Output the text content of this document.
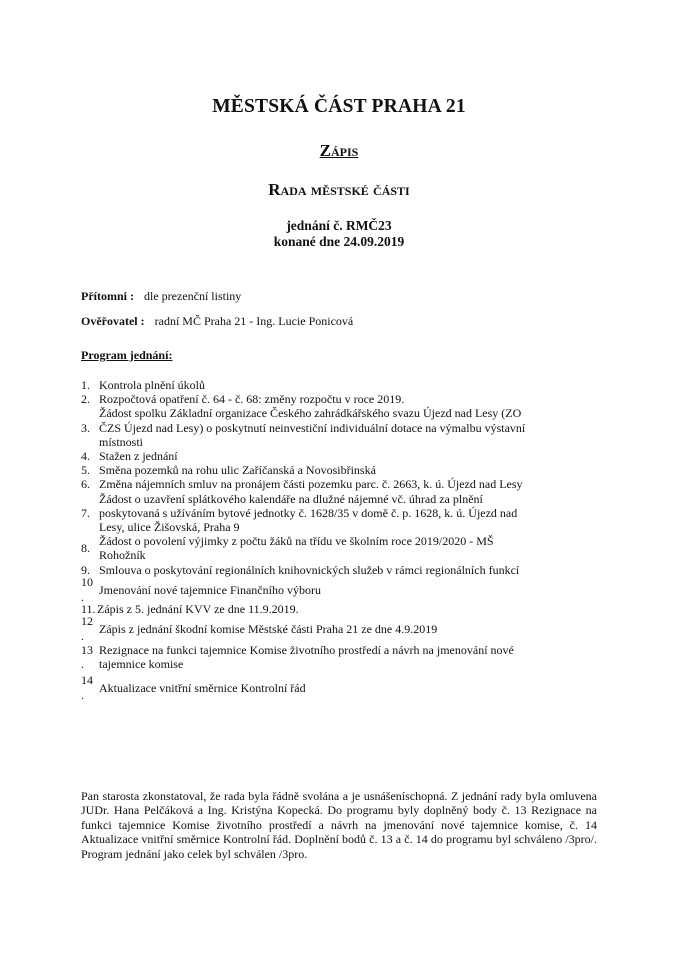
MĚSTSKÁ ČÁST PRAHA 21
Zápis
Rada městské části
jednání č. RMČ23
konané dne 24.09.2019
Přítomni : dle prezenční listiny
Ověřovatel : radní MČ Praha 21 - Ing. Lucie Ponicová
Program jednání:
1. Kontrola plnění úkolů
2. Rozpočtová opatření č. 64 - č. 68: změny rozpočtu v roce 2019.
3.
Žádost spolku Základní organizace Českého zahrádkářského svazu Újezd nad Lesy (ZO
ČZS Újezd nad Lesy) o poskytnutí neinvestiční individuální dotace na výmalbu výstavní
místnosti
4. Stažen z jednání
5. Směna pozemků na rohu ulic Zaříčanská a Novosibřinská
6. Změna nájemních smluv na pronájem části pozemku parc. č. 2663, k. ú. Újezd nad Lesy
7.
Žádost o uzavření splátkového kalendáře na dlužné nájemné vč. úhrad za plnění
poskytovaná s užíváním bytové jednotky č. 1628/35 v domě č. p. 1628, k. ú. Újezd nad
Lesy, ulice Žišovská, Praha 9
8.
Žádost o povolení výjimky z počtu žáků na třídu ve školním roce 2019/2020 - MŠ
Rohožník
9. Smlouva o poskytování regionálních knihovnických služeb v rámci regionálních funkcí
10
.	Jmenování nové tajemnice Finančního výboru
11. Zápis z 5. jednání KVV ze dne 11.9.2019.
12
.	Zápis z jednání škodní komise Městské části Praha 21 ze dne 4.9.2019
13
.
Rezignace na funkci tajemnice Komise životního prostředí a návrh na jmenování nové
tajemnice komise
14
.	Aktualizace vnitřní směrnice Kontrolní řád
Pan starosta zkonstatoval, že rada byla řádně svolána a je usnášeníschopná. Z jednání rady byla omluvena JUDr. Hana Pelčáková a Ing. Kristýna Kopecká. Do programu byly doplněný body č. 13 Rezignace na funkci tajemnice Komise životního prostředí a návrh na jmenování nové tajemnice komise, č. 14 Aktualizace vnitřní směrnice Kontrolní řád. Doplnění bodů č. 13 a č. 14 do programu byl schváleno /3pro/. Program jednání jako celek byl schválen /3pro.
